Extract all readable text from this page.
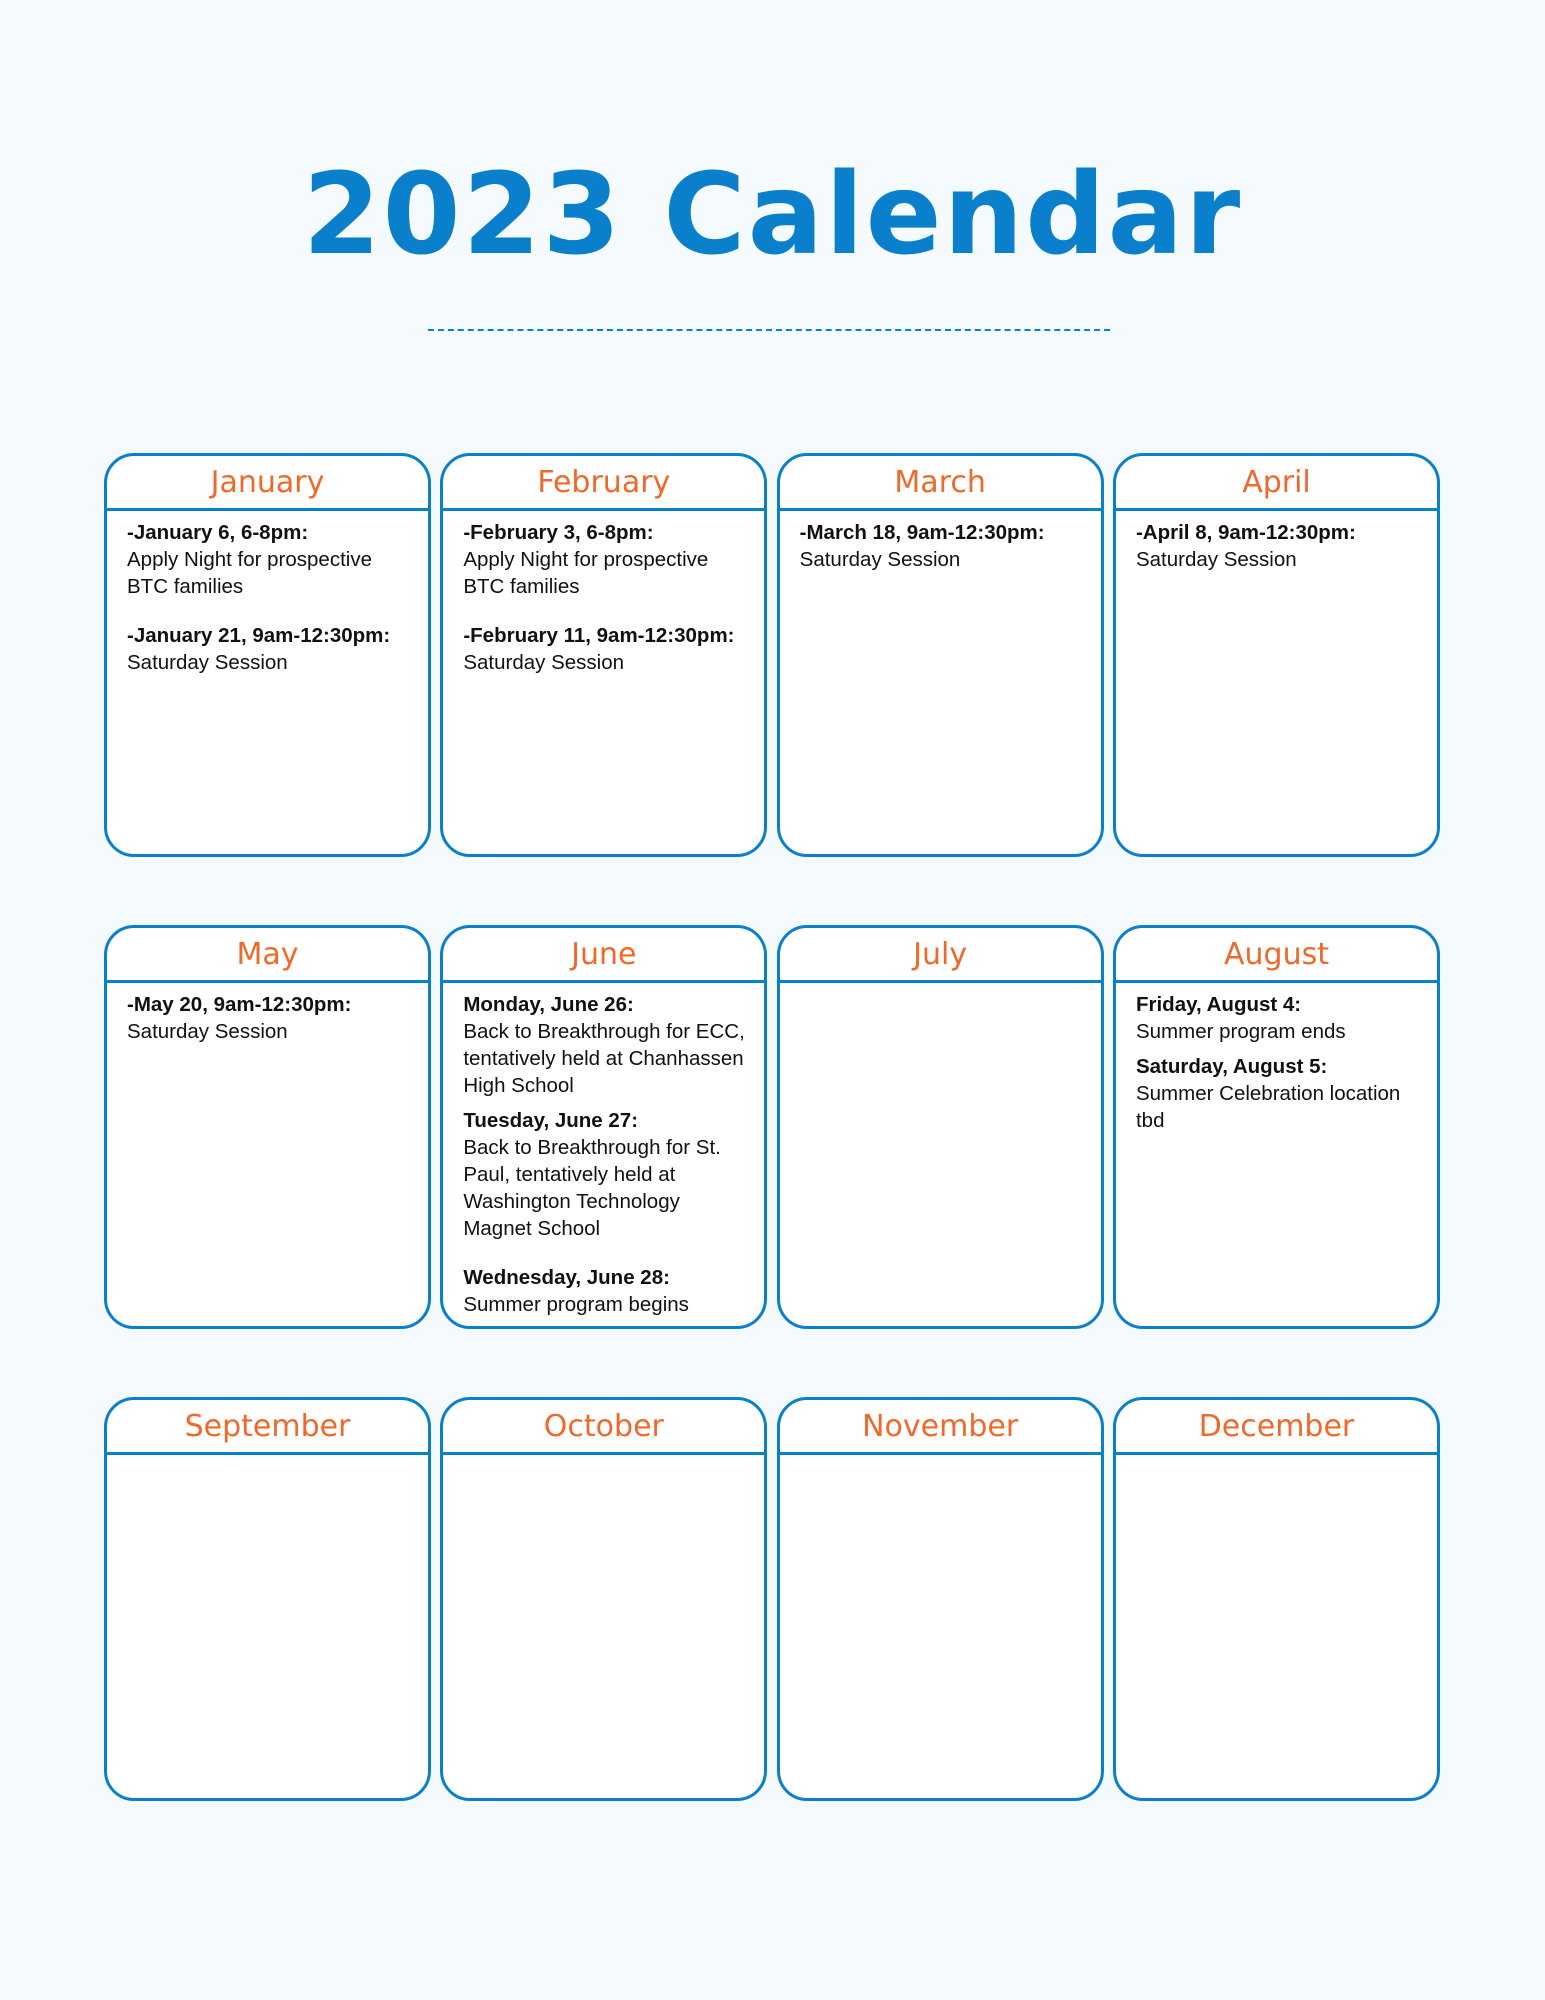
2023 Calendar
January
-January 6, 6-8pm:
Apply Night for prospective BTC families
-January 21, 9am-12:30pm:
Saturday Session
February
-February 3, 6-8pm:
Apply Night for prospective BTC families
-February 11, 9am-12:30pm:
Saturday Session
March
-March 18, 9am-12:30pm:
Saturday Session
April
-April 8, 9am-12:30pm:
Saturday Session
May
-May 20, 9am-12:30pm:
Saturday Session
June
Monday, June 26:
Back to Breakthrough for ECC, tentatively held at Chanhassen High School
Tuesday, June 27:
Back to Breakthrough for St. Paul, tentatively held at Washington Technology Magnet School
Wednesday, June 28:
Summer program begins
July	August
Friday, August 4:
Summer program ends
Saturday, August 5:
Summer Celebration location tbd
September	October	November	December
